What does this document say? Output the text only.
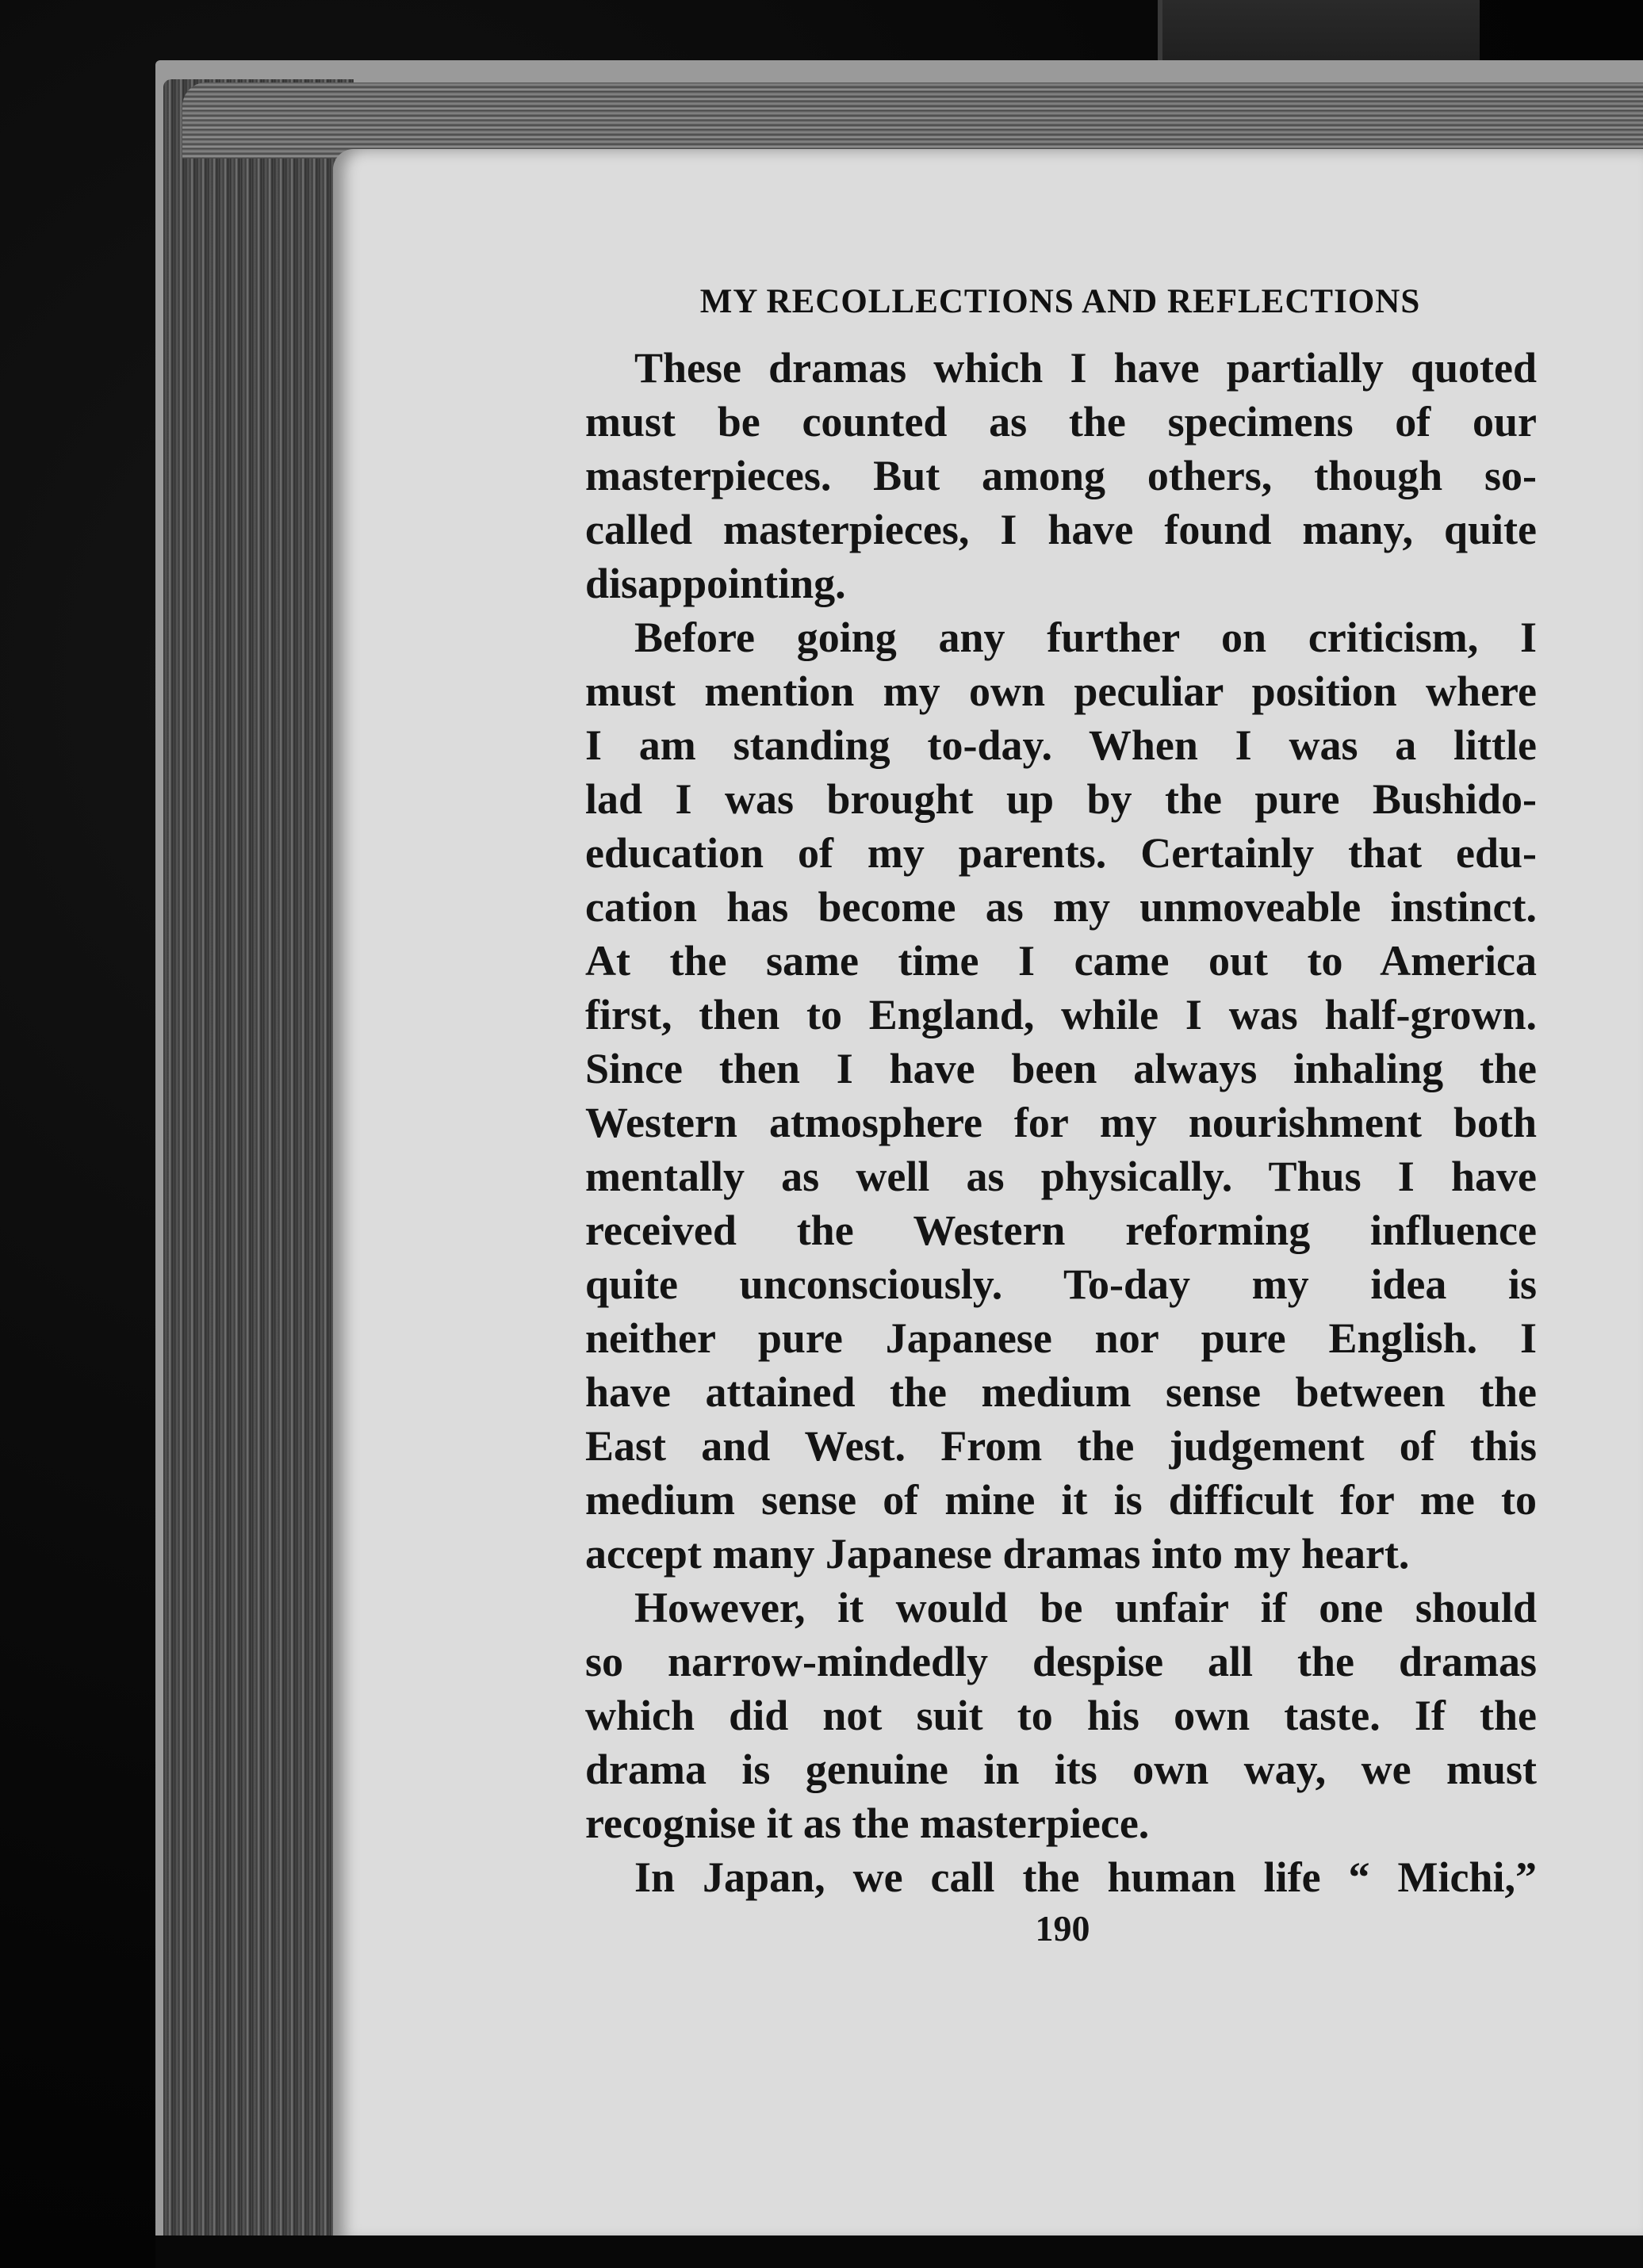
MY RECOLLECTIONS AND REFLECTIONS
These dramas which I have partially quoted
must be counted as the specimens of our
masterpieces. But among others, though so-
called masterpieces, I have found many, quite
disappointing.
Before going any further on criticism, I
must mention my own peculiar position where
I am standing to-day. When I was a little
lad I was brought up by the pure Bushido-
education of my parents. Certainly that edu-
cation has become as my unmoveable instinct.
At the same time I came out to America
first, then to England, while I was half-grown.
Since then I have been always inhaling the
Western atmosphere for my nourishment both
mentally as well as physically. Thus I have
received the Western reforming influence
quite unconsciously. To-day my idea is
neither pure Japanese nor pure English. I
have attained the medium sense between the
East and West. From the judgement of this
medium sense of mine it is difficult for me to
accept many Japanese dramas into my heart.
However, it would be unfair if one should
so narrow-mindedly despise all the dramas
which did not suit to his own taste. If the
drama is genuine in its own way, we must
recognise it as the masterpiece.
In Japan, we call the human life “ Michi,”
190
